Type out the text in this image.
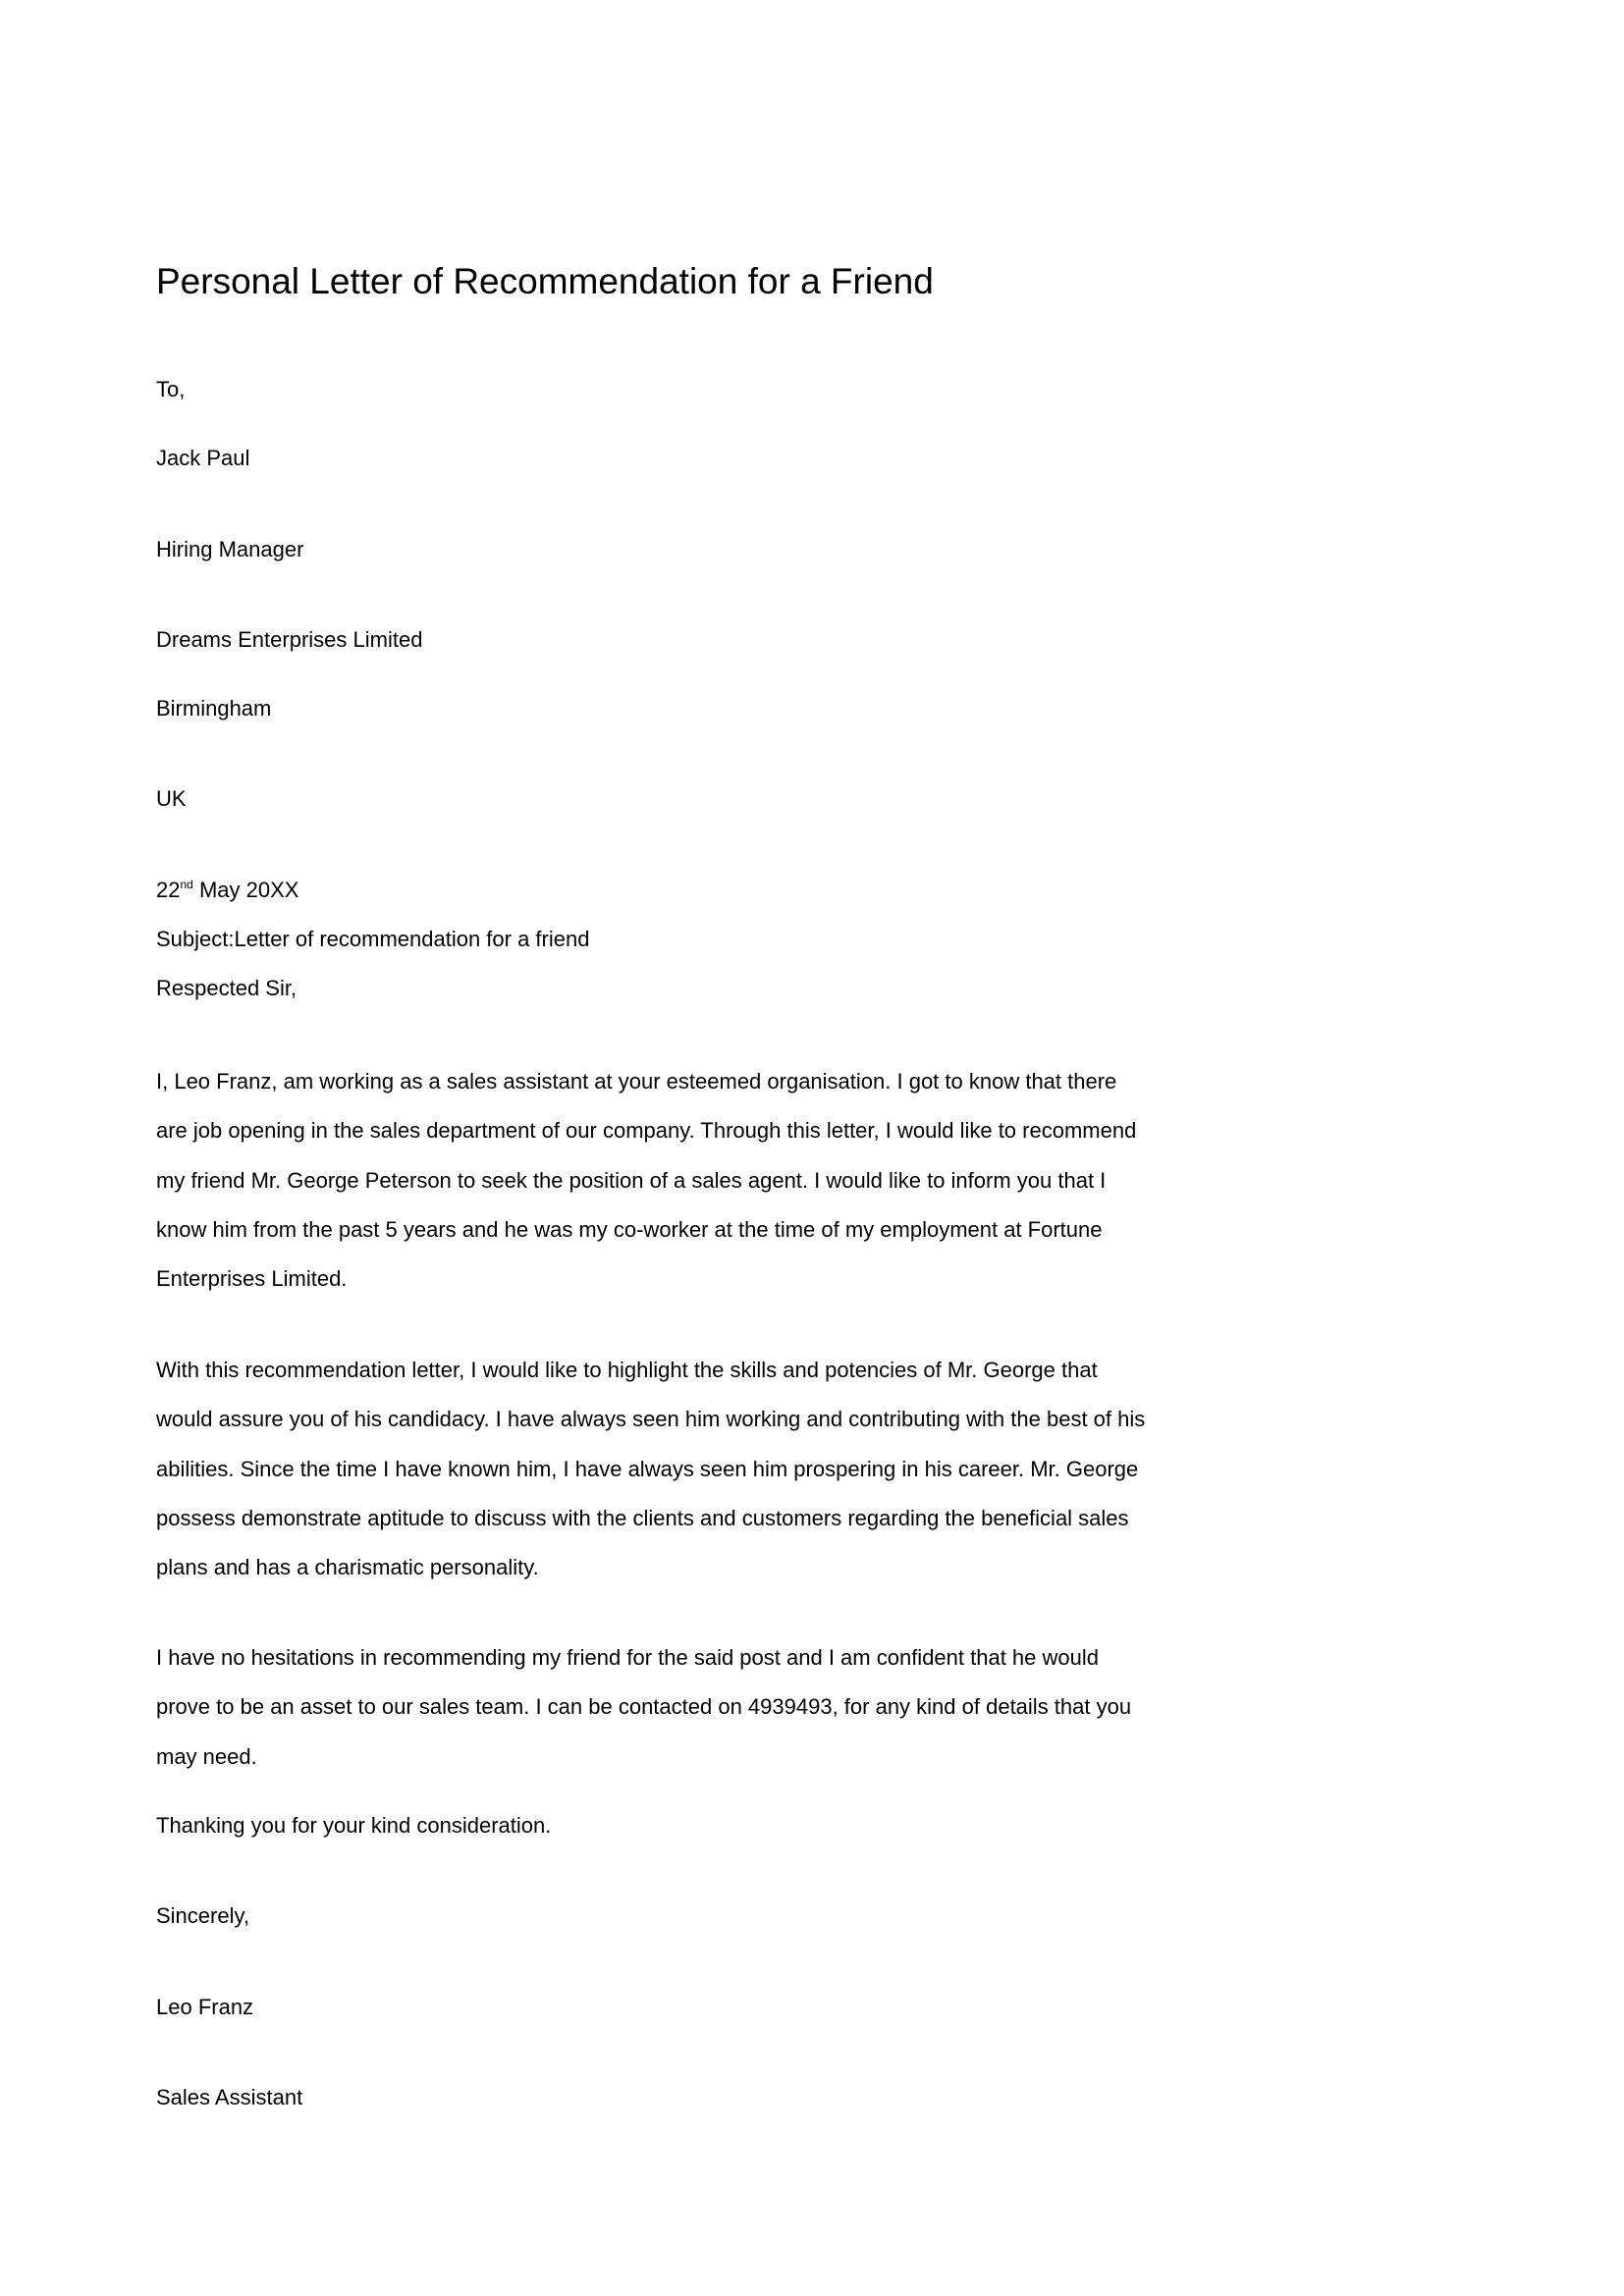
Personal Letter of Recommendation for a Friend
To,
Jack Paul
Hiring Manager
Dreams Enterprises Limited
Birmingham
UK
22nd May 20XX
Subject:Letter of recommendation for a friend
Respected Sir,
I, Leo Franz, am working as a sales assistant at your esteemed organisation. I got to know that there
are job opening in the sales department of our company. Through this letter, I would like to recommend
my friend Mr. George Peterson to seek the position of a sales agent. I would like to inform you that I
know him from the past 5 years and he was my co-worker at the time of my employment at Fortune
Enterprises Limited.
With this recommendation letter, I would like to highlight the skills and potencies of Mr. George that
would assure you of his candidacy. I have always seen him working and contributing with the best of his
abilities. Since the time I have known him, I have always seen him prospering in his career. Mr. George
possess demonstrate aptitude to discuss with the clients and customers regarding the beneficial sales
plans and has a charismatic personality.
I have no hesitations in recommending my friend for the said post and I am confident that he would
prove to be an asset to our sales team. I can be contacted on 4939493, for any kind of details that you
may need.
Thanking you for your kind consideration.
Sincerely,
Leo Franz
Sales Assistant
